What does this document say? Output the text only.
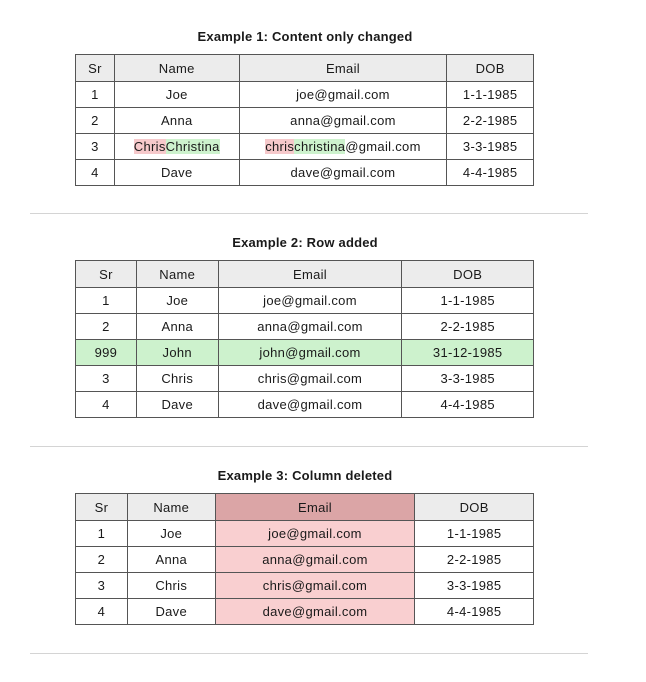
Example 1: Content only changed
Sr	Name	Email	DOB
1	Joe	joe@gmail.com	1-1-1985
2	Anna	anna@gmail.com	2-2-1985
3	ChrisChristina	chrischristina@gmail.com	3-3-1985
4	Dave	dave@gmail.com	4-4-1985
Example 2: Row added
Sr	Name	Email	DOB
1	Joe	joe@gmail.com	1-1-1985
2	Anna	anna@gmail.com	2-2-1985
999	John	john@gmail.com	31-12-1985
3	Chris	chris@gmail.com	3-3-1985
4	Dave	dave@gmail.com	4-4-1985
Example 3: Column deleted
Sr	Name	Email	DOB
1	Joe	joe@gmail.com	1-1-1985
2	Anna	anna@gmail.com	2-2-1985
3	Chris	chris@gmail.com	3-3-1985
4	Dave	dave@gmail.com	4-4-1985
